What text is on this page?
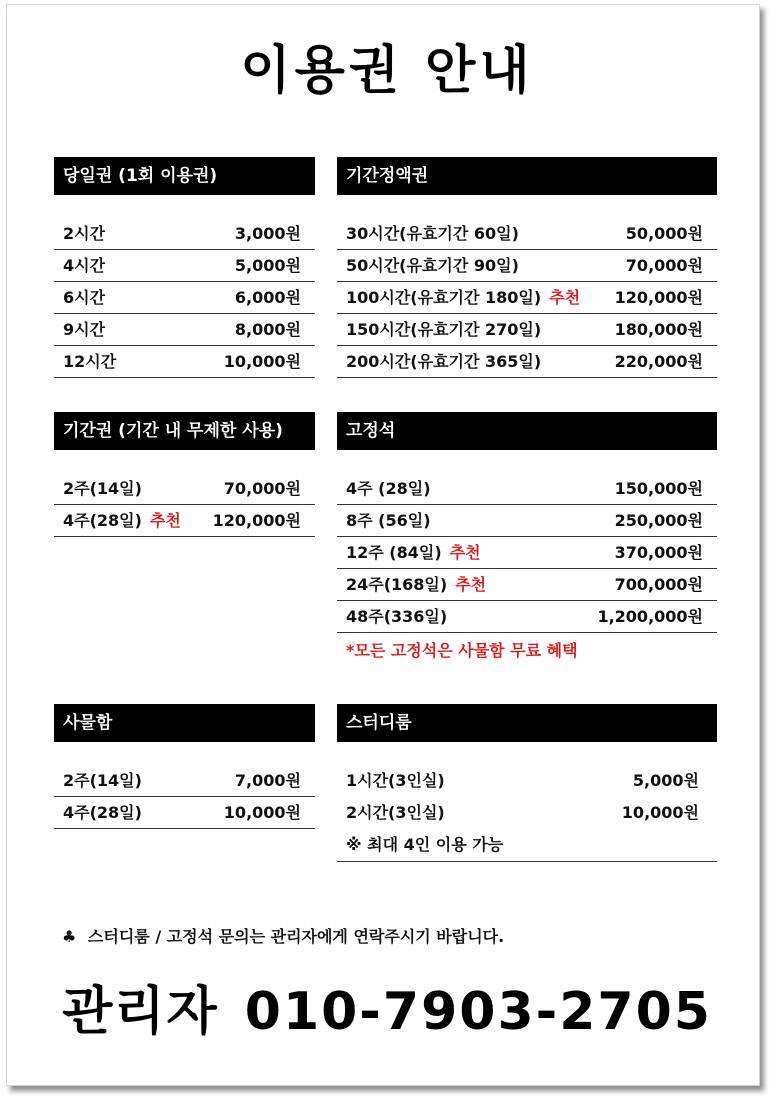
이용권 안내
당일권 (1회 이용권)
2시간	3,000원
4시간	5,000원
6시간	6,000원
9시간	8,000원
12시간	10,000원
기간정액권
30시간(유효기간 60일)	50,000원
50시간(유효기간 90일)	70,000원
100시간(유효기간 180일) 추천	120,000원
150시간(유효기간 270일)	180,000원
200시간(유효기간 365일)	220,000원
기간권 (기간 내 무제한 사용)
2주(14일)	70,000원
4주(28일) 추천	120,000원
고정석
4주 (28일)	150,000원
8주 (56일)	250,000원
12주 (84일) 추천	370,000원
24주(168일) 추천	700,000원
48주(336일)	1,200,000원
*모든 고정석은 사물함 무료 혜택
사물함
2주(14일)	7,000원
4주(28일)	10,000원
스터디룸
1시간(3인실)	5,000원
2시간(3인실)	10,000원
※ 최대 4인 이용 가능
♣ 스터디룸 / 고정석 문의는 관리자에게 연락주시기 바랍니다.
관리자 010-7903-2705
